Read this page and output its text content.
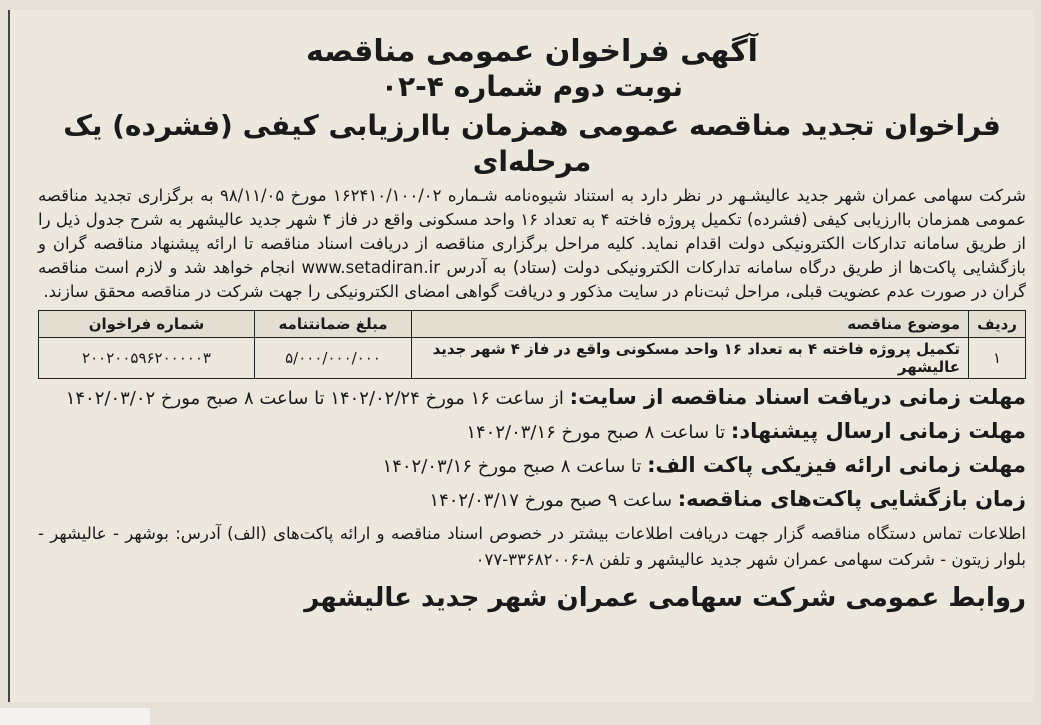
آگهی فراخوان عمومی مناقصه
نوبت دوم شماره ۴-۰۲
فراخوان تجدید مناقصه عمومی همزمان باارزیابی کیفی (فشرده) یک مرحله‌ای

شرکت سهامی عمران شهر جدید عالیشـهر در نظر دارد به استناد شیوه‌نامه شـماره ۱۶۲۴۱۰/۱۰۰/۰۲ مورخ ۹۸/۱۱/۰۵ به برگزاری تجدید مناقصه عمومی همزمان باارزیابی کیفی (فشرده) تکمیل پروژه فاخته ۴ به تعداد ۱۶ واحد مسکونی واقع در فاز ۴ شهر جدید عالیشهر به شرح جدول ذیل را از طریق سامانه تدارکات الکترونیکی دولت اقدام نماید. کلیه مراحل برگزاری مناقصه از دریافت اسناد مناقصه تا ارائه پیشنهاد مناقصه گران و بازگشایی پاکت‌ها از طریق درگاه سامانه تدارکات الکترونیکی دولت (ستاد) به آدرس www.setadiran.ir انجام خواهد شد و لازم است مناقصه گران در صورت عدم عضویت قبلی، مراحل ثبت‌نام در سایت مذکور و دریافت گواهی امضای الکترونیکی را جهت شرکت در مناقصه محقق سازند.

ردیف	موضوع مناقصه	مبلغ ضمانتنامه	شماره فراخوان
۱	تکمیل پروژه فاخته ۴ به تعداد ۱۶ واحد مسکونی واقع در فاز ۴ شهر جدید عالیشهر	۵/۰۰۰/۰۰۰/۰۰۰	۲۰۰۲۰۰۵۹۶۲۰۰۰۰۰۳

مهلت زمانی دریافت اسناد مناقصه از سایت: از ساعت ۱۶ مورخ ۱۴۰۲/۰۲/۲۴ تا ساعت ۸ صبح مورخ ۱۴۰۲/۰۳/۰۲

مهلت زمانی ارسال پیشنهاد: تا ساعت ۸ صبح مورخ ۱۴۰۲/۰۳/۱۶

مهلت زمانی ارائه فیزیکی پاکت الف: تا ساعت ۸ صبح مورخ ۱۴۰۲/۰۳/۱۶

زمان بازگشایی پاکت‌های مناقصه: ساعت ۹ صبح مورخ ۱۴۰۲/۰۳/۱۷

اطلاعات تماس دستگاه مناقصه گزار جهت دریافت اطلاعات بیشتر در خصوص اسناد مناقصه و ارائه پاکت‌های (الف) آدرس: بوشهر - عالیشهر - بلوار زیتون - شرکت سهامی عمران شهر جدید عالیشهر و تلفن ۸-۳۳۶۸۲۰۰۶-۰۷۷

روابط عمومی شرکت سهامی عمران شهر جدید عالیشهر
